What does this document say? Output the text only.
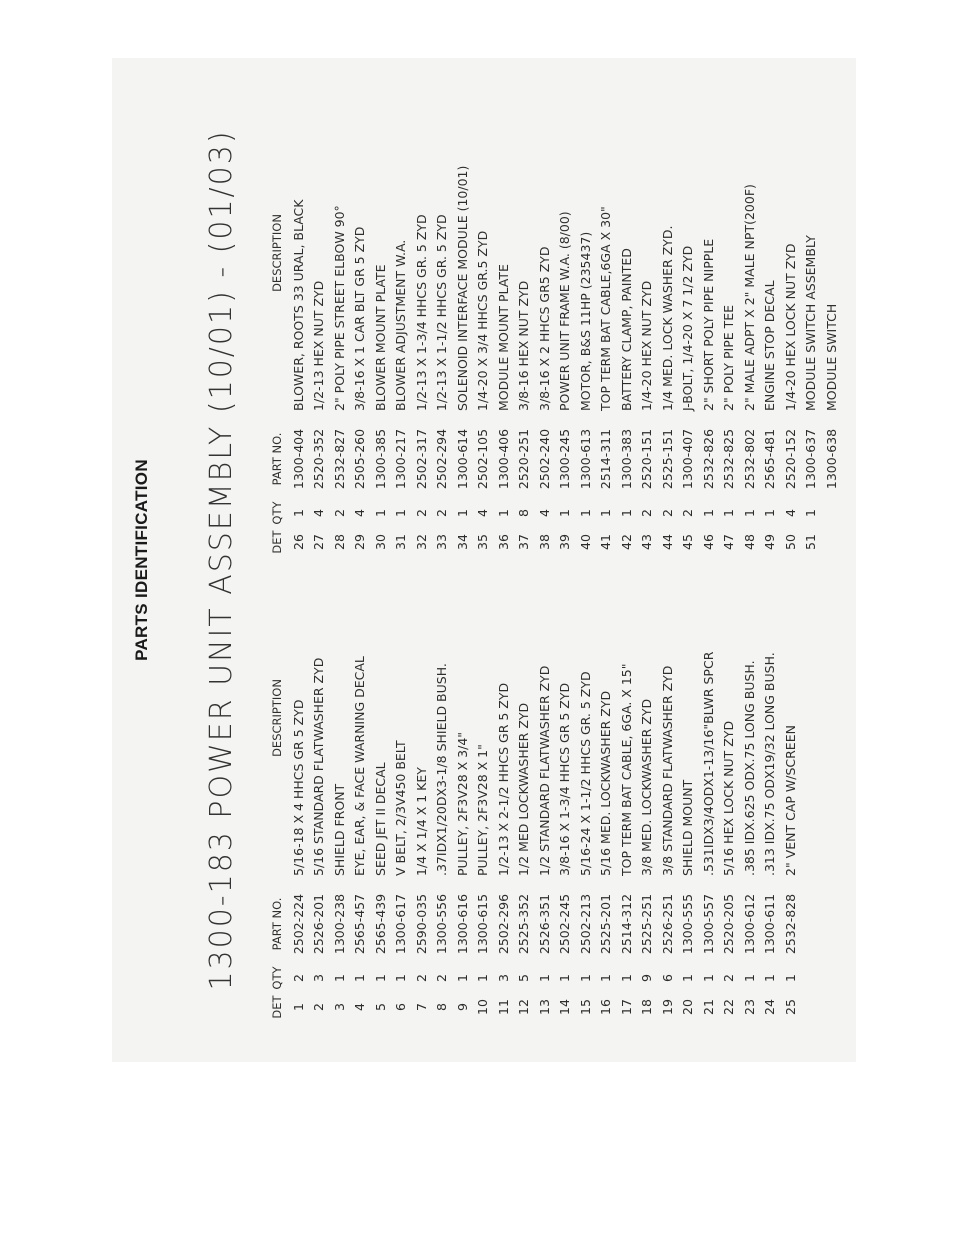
PARTS IDENTIFICATION 1300-183 POWER UNIT ASSEMBLY (10/01) - (01/03)
DET
QTY
PART NO.
DESCRIPTION
1
2
2502-224
5/16-18 X 4 HHCS GR 5 ZYD
2
3
2526-201
5/16 STANDARD FLATWASHER ZYD
3
1
1300-238
SHIELD FRONT
4
1
2565-457
EYE, EAR, & FACE WARNING DECAL
5
1
2565-439
SEED JET II DECAL
6
1
1300-617
V BELT, 2/3V450 BELT
7
2
2590-035
1/4 X 1/4 X 1 KEY
8
2
1300-556
.37IDX1/20DX3-1/8 SHIELD BUSH.
9
1
1300-616
PULLEY, 2F3V28 X 3/4"
10
1
1300-615
PULLEY, 2F3V28 X 1"
11
3
2502-296
1/2-13 X 2-1/2 HHCS GR 5 ZYD
12
5
2525-352
1/2 MED LOCKWASHER ZYD
13
1
2526-351
1/2 STANDARD FLATWASHER ZYD
14
1
2502-245
3/8-16 X 1-3/4 HHCS GR 5 ZYD
15
1
2502-213
5/16-24 X 1-1/2 HHCS GR. 5 ZYD
16
1
2525-201
5/16 MED. LOCKWASHER ZYD
17
1
2514-312
TOP TERM BAT CABLE, 6GA. X 15"
18
9
2525-251
3/8 MED. LOCKWASHER ZYD
19
6
2526-251
3/8 STANDARD FLATWASHER ZYD
20
1
1300-555
SHIELD MOUNT
21
1
1300-557
.531IDX3/4ODX1-13/16"BLWR SPCR
22
2
2520-205
5/16 HEX LOCK NUT ZYD
23
1
1300-612
.385 IDX.625 ODX.75 LONG BUSH.
24
1
1300-611
.313 IDX.75 ODX19/32 LONG BUSH.
25
1
2532-828
2" VENT CAP W/SCREEN
DET
QTY
PART NO.
DESCRIPTION
26
1
1300-404
BLOWER, ROOTS 33 URAL, BLACK
27
4
2520-352
1/2-13 HEX NUT ZYD
28
2
2532-827
2" POLY PIPE STREET ELBOW 90°
29
4
2505-260
3/8-16 X 1 CAR BLT GR 5 ZYD
30
1
1300-385
BLOWER MOUNT PLATE
31
1
1300-217
BLOWER ADJUSTMENT W.A.
32
2
2502-317
1/2-13 X 1-3/4 HHCS GR. 5 ZYD
33
2
2502-294
1/2-13 X 1-1/2 HHCS GR. 5 ZYD
34
1
1300-614
SOLENOID INTERFACE MODULE (10/01)
35
4
2502-105
1/4-20 X 3/4 HHCS GR.5 ZYD
36
1
1300-406
MODULE MOUNT PLATE
37
8
2520-251
3/8-16 HEX NUT ZYD
38
4
2502-240
3/8-16 X 2 HHCS GR5 ZYD
39
1
1300-245
POWER UNIT FRAME W.A. (8/00)
40
1
1300-613
MOTOR, B&S 11HP (235437)
41
1
2514-311
TOP TERM BAT CABLE,6GA X 30"
42
1
1300-383
BATTERY CLAMP, PAINTED
43
2
2520-151
1/4-20 HEX NUT ZYD
44
2
2525-151
1/4 MED. LOCK WASHER ZYD.
45
2
1300-407
J-BOLT, 1/4-20 X 7 1/2 ZYD
46
1
2532-826
2" SHORT POLY PIPE NIPPLE
47
1
2532-825
2" POLY PIPE TEE
48
1
2532-802
2" MALE ADPT X 2" MALE NPT(200F)
49
1
2565-481
ENGINE STOP DECAL
50
4
2520-152
1/4-20 HEX LOCK NUT ZYD
51
1
1300-637
MODULE SWITCH ASSEMBLY
1300-638
MODULE SWITCH
